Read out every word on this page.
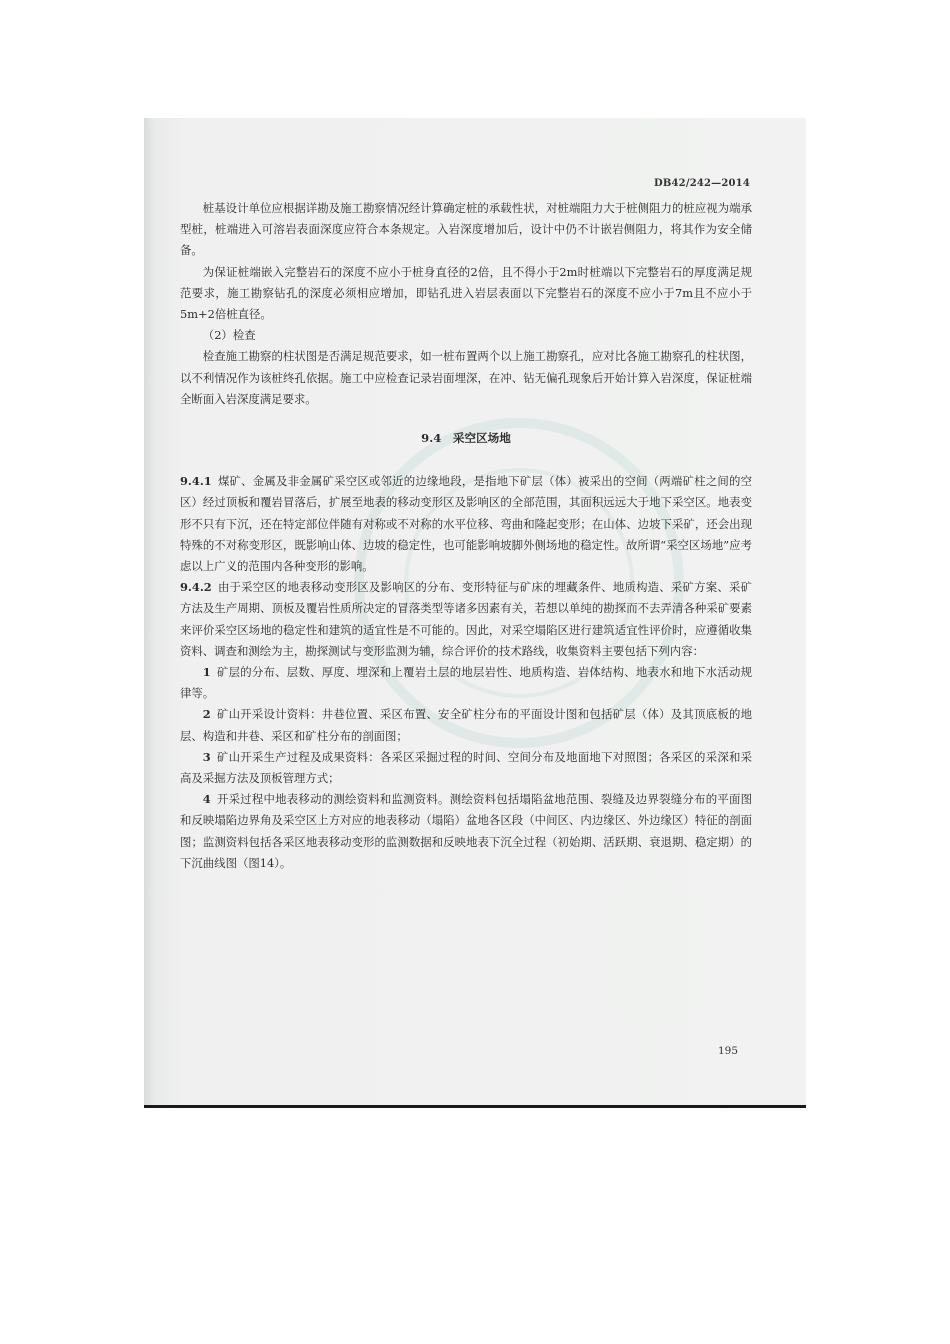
DB42/242—2014

桩基设计单位应根据详勘及施工勘察情况经计算确定桩的承载性状，对桩端阻力大于桩侧阻力的桩应视为端承型桩，桩端进入可溶岩表面深度应符合本条规定。入岩深度增加后，设计中仍不计嵌岩侧阻力，将其作为安全储备。

为保证桩端嵌入完整岩石的深度不应小于桩身直径的2倍，且不得小于2m时桩端以下完整岩石的厚度满足规范要求，施工勘察钻孔的深度必须相应增加，即钻孔进入岩层表面以下完整岩石的深度不应小于7m且不应小于5m+2倍桩直径。

（2）检查

检查施工勘察的柱状图是否满足规范要求，如一桩布置两个以上施工勘察孔，应对比各施工勘察孔的柱状图，以不利情况作为该桩终孔依据。施工中应检查记录岩面埋深，在冲、钻无偏孔现象后开始计算入岩深度，保证桩端全断面入岩深度满足要求。

9.4　采空区场地

9.4.1 煤矿、金属及非金属矿采空区或邻近的边缘地段，是指地下矿层（体）被采出的空间（两端矿柱之间的空区）经过顶板和覆岩冒落后，扩展至地表的移动变形区及影响区的全部范围，其面积远远大于地下采空区。地表变形不只有下沉，还在特定部位伴随有对称或不对称的水平位移、弯曲和隆起变形；在山体、边坡下采矿，还会出现特殊的不对称变形区，既影响山体、边坡的稳定性，也可能影响坡脚外侧场地的稳定性。故所谓“采空区场地”应考虑以上广义的范围内各种变形的影响。

9.4.2 由于采空区的地表移动变形区及影响区的分布、变形特征与矿床的埋藏条件、地质构造、采矿方案、采矿方法及生产周期、顶板及覆岩性质所决定的冒落类型等诸多因素有关，若想以单纯的勘探而不去弄清各种采矿要素来评价采空区场地的稳定性和建筑的适宜性是不可能的。因此，对采空塌陷区进行建筑适宜性评价时，应遵循收集资料、调查和测绘为主，勘探测试与变形监测为辅，综合评价的技术路线，收集资料主要包括下列内容：

1 矿层的分布、层数、厚度、埋深和上覆岩土层的地层岩性、地质构造、岩体结构、地表水和地下水活动规律等。

2 矿山开采设计资料：井巷位置、采区布置、安全矿柱分布的平面设计图和包括矿层（体）及其顶底板的地层、构造和井巷、采区和矿柱分布的剖面图；

3 矿山开采生产过程及成果资料：各采区采掘过程的时间、空间分布及地面地下对照图；各采区的采深和采高及采掘方法及顶板管理方式；

4 开采过程中地表移动的测绘资料和监测资料。测绘资料包括塌陷盆地范围、裂缝及边界裂缝分布的平面图和反映塌陷边界角及采空区上方对应的地表移动（塌陷）盆地各区段（中间区、内边缘区、外边缘区）特征的剖面图；监测资料包括各采区地表移动变形的监测数据和反映地表下沉全过程（初始期、活跃期、衰退期、稳定期）的下沉曲线图（图14）。

195
